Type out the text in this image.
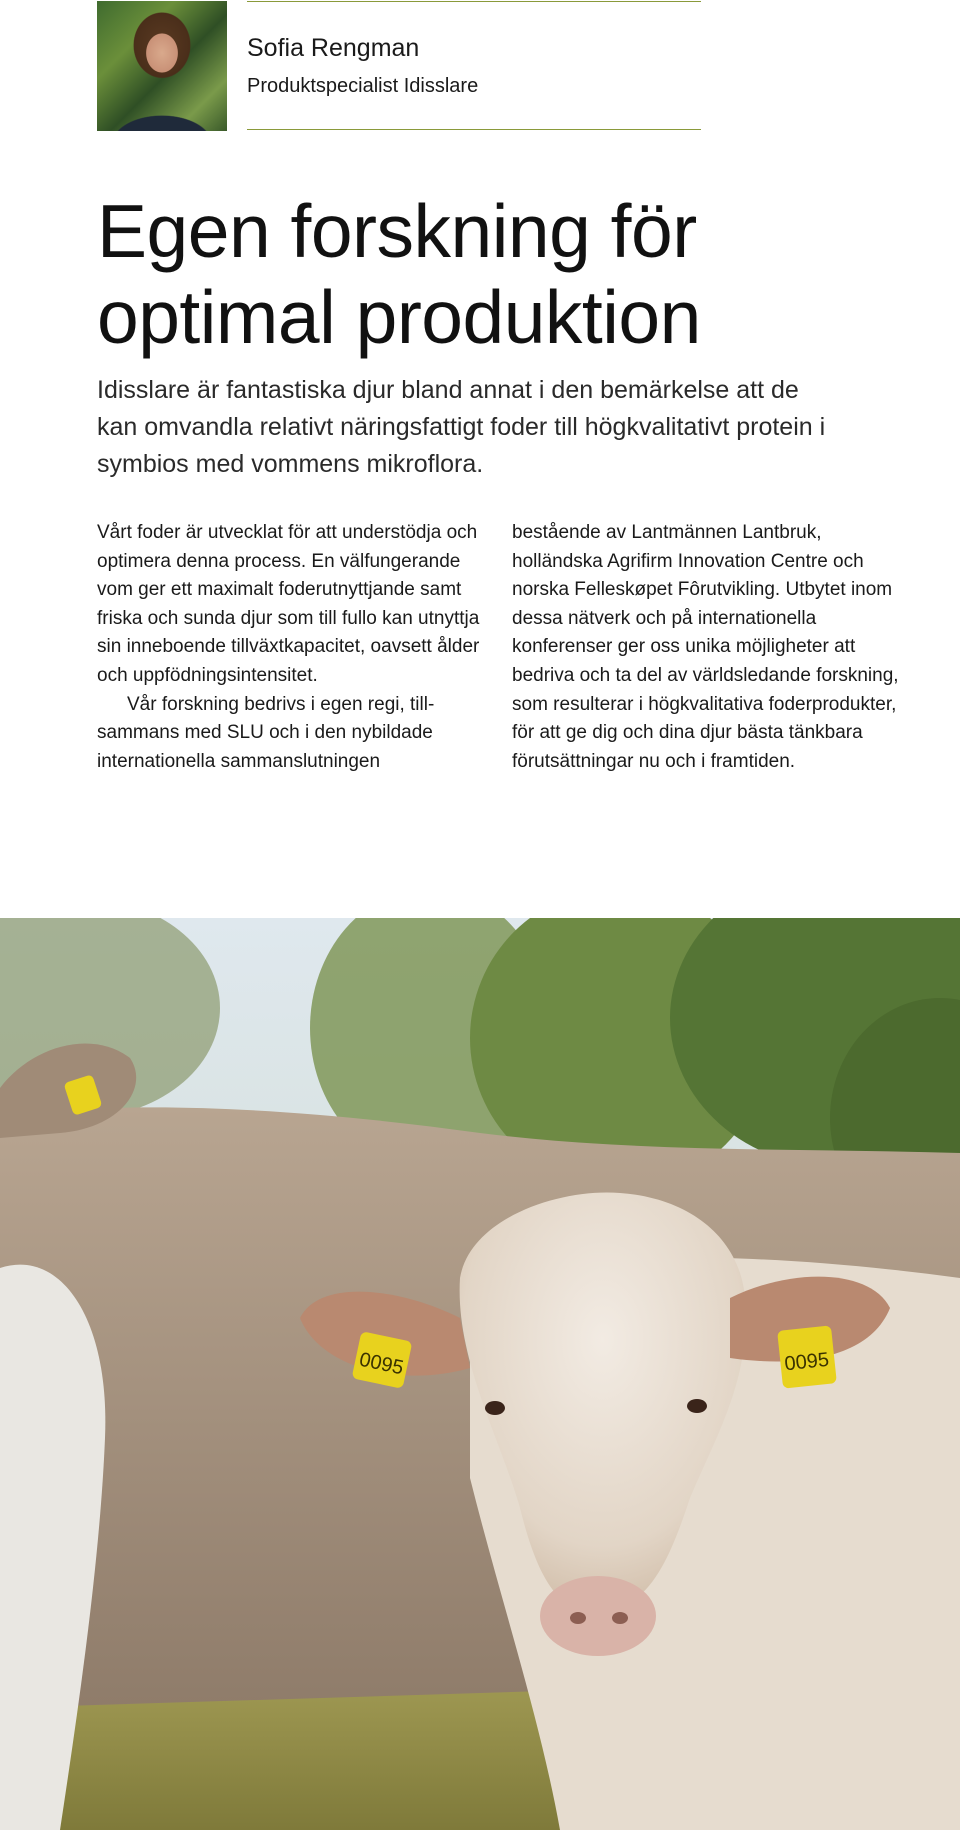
Sofia Rengman
Produktspecialist Idisslare
Egen forskning för
optimal produktion

Idisslare är fantastiska djur bland annat i den bemärkelse att de kan omvandla relativt näringsfattigt foder till högkvalitativt protein i symbios med vommens mikroflora.

Vårt foder är utvecklat för att understödja och optimera denna process. En välfungerande vom ger ett maximalt foderutnyttjande samt friska och sunda djur som till fullo kan utnyttja sin inneboende tillväxtkapacitet, oavsett ålder och uppfödningsintensitet.

Vår forskning bedrivs i egen regi, tillsammans med SLU och i den nybildade internationella sammanslutningen

bestående av Lantmännen Lantbruk, holländska Agrifirm Innovation Centre och norska Felleskøpet Fôrutvikling. Utbytet inom dessa nätverk och på internationella konferenser ger oss unika möjligheter att bedriva och ta del av världsledande forskning, som resulterar i högkvalitativa foderprodukter, för att ge dig och dina djur bästa tänkbara förutsättningar nu och i framtiden.

0095	0095
